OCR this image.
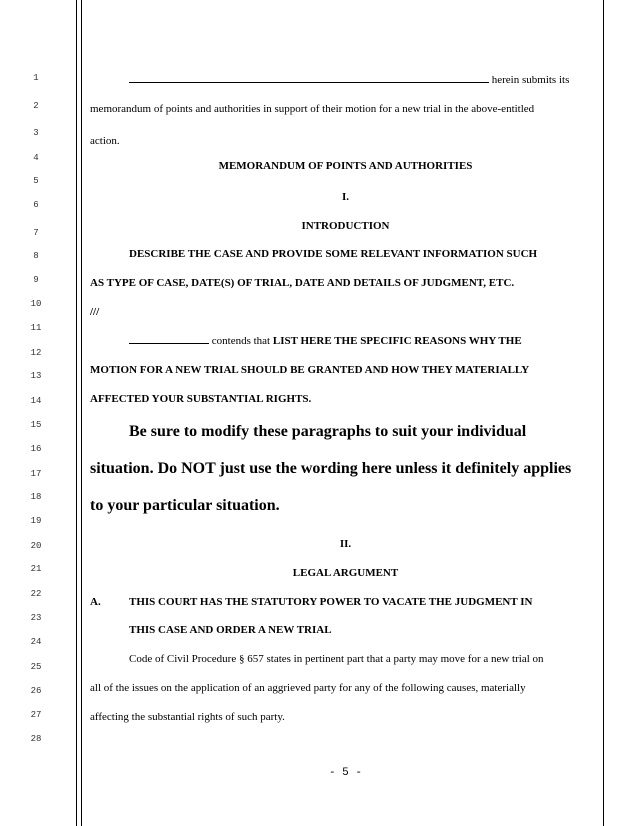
1
2
3
4
5
6
7
8
9
10
11
12
13
14
15
16
17
18
19
20
21
22
23
24
25
26
27
28
herein submits its
memorandum of points and authorities in support of their motion for a new trial in the above-entitled
action.
MEMORANDUM OF POINTS AND AUTHORITIES
I.
INTRODUCTION
DESCRIBE THE CASE AND PROVIDE SOME RELEVANT INFORMATION SUCH
AS TYPE OF CASE, DATE(S) OF TRIAL, DATE AND DETAILS OF JUDGMENT, ETC.
///
contends that LIST HERE THE SPECIFIC REASONS WHY THE
MOTION FOR A NEW TRIAL SHOULD BE GRANTED AND HOW THEY MATERIALLY
AFFECTED YOUR SUBSTANTIAL RIGHTS.
Be sure to modify these paragraphs to suit your individual
situation. Do NOT just use the wording here unless it definitely applies
to your particular situation.
II.
LEGAL ARGUMENT
A.	THIS COURT HAS THE STATUTORY POWER TO VACATE THE JUDGMENT IN
THIS CASE AND ORDER A NEW TRIAL
Code of Civil Procedure § 657 states in pertinent part that a party may move for a new trial on
all of the issues on the application of an aggrieved party for any of the following causes, materially
affecting the substantial rights of such party.
- 5 -
